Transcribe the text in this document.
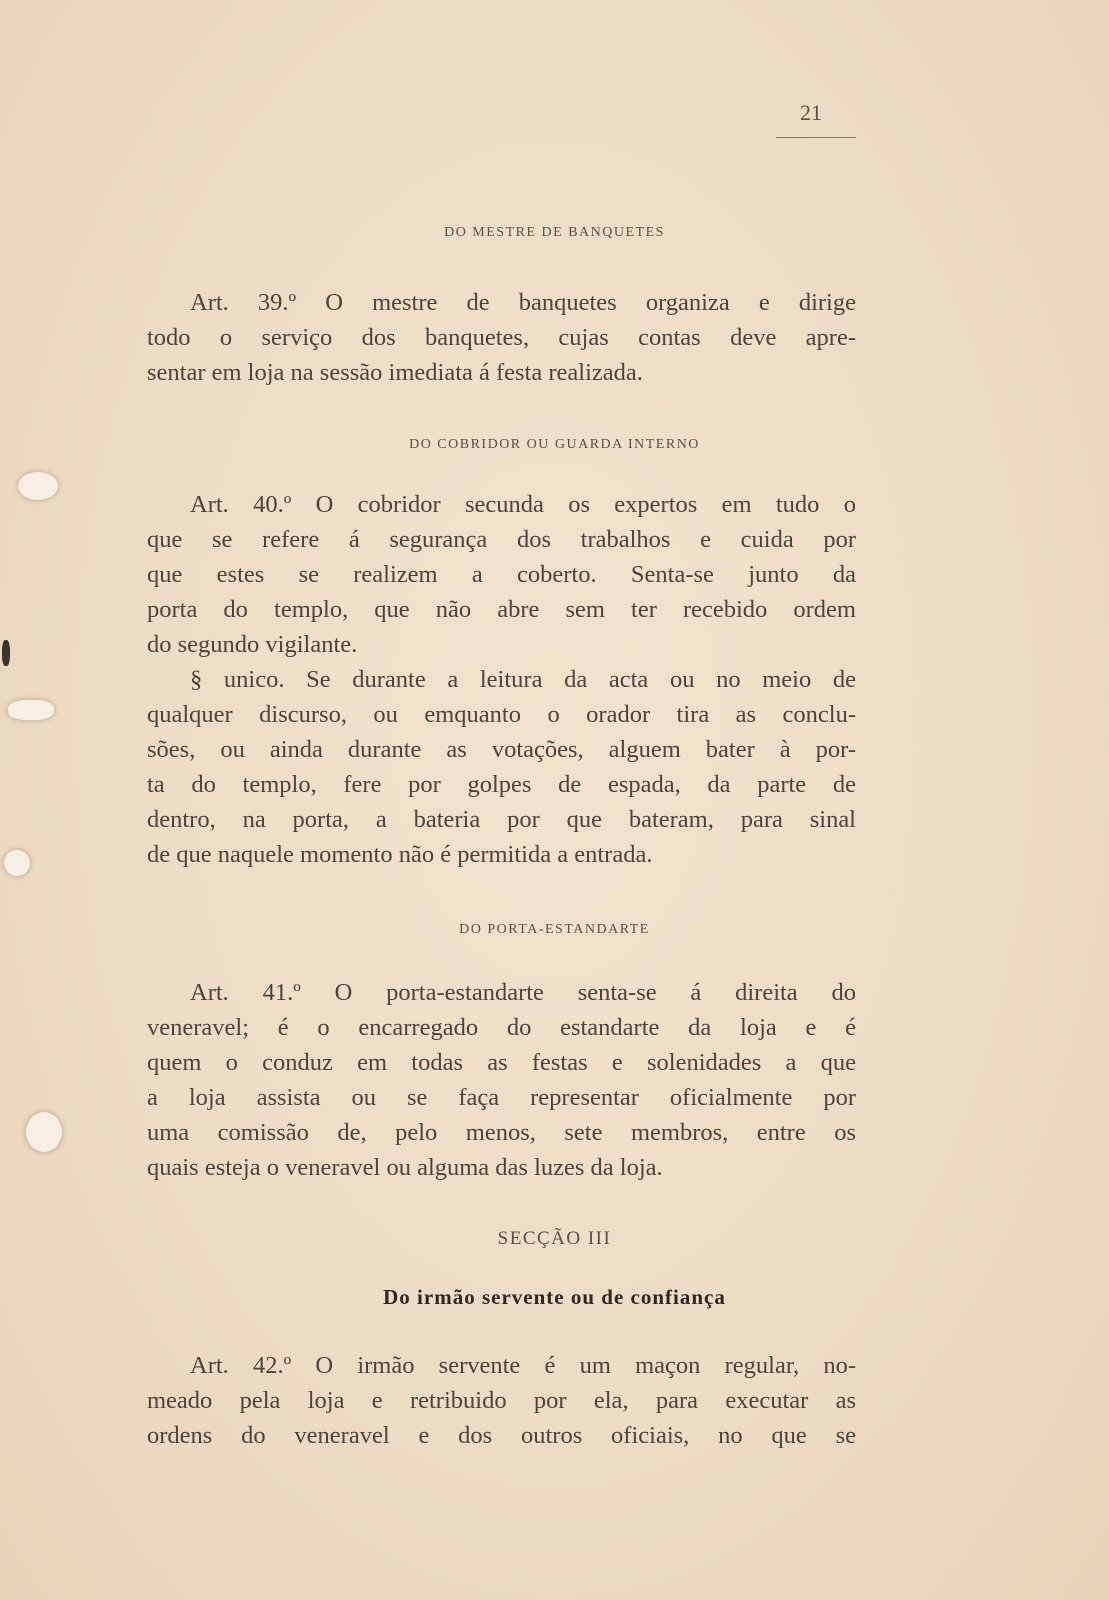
21
DO MESTRE DE BANQUETES
Art. 39.º O mestre de banquetes organiza e dirige
todo o serviço dos banquetes, cujas contas deve apre-
sentar em loja na sessão imediata á festa realizada.
DO COBRIDOR OU GUARDA INTERNO
Art. 40.º O cobridor secunda os expertos em tudo o
que se refere á segurança dos trabalhos e cuida por
que estes se realizem a coberto. Senta-se junto da
porta do templo, que não abre sem ter recebido ordem
do segundo vigilante.
§ unico. Se durante a leitura da acta ou no meio de
qualquer discurso, ou emquanto o orador tira as conclu-
sões, ou ainda durante as votações, alguem bater à por-
ta do templo, fere por golpes de espada, da parte de
dentro, na porta, a bateria por que bateram, para sinal
de que naquele momento não é permitida a entrada.
DO PORTA-ESTANDARTE
Art. 41.º O porta-estandarte senta-se á direita do
veneravel; é o encarregado do estandarte da loja e é
quem o conduz em todas as festas e solenidades a que
a loja assista ou se faça representar oficialmente por
uma comissão de, pelo menos, sete membros, entre os
quais esteja o veneravel ou alguma das luzes da loja.
SECÇÃO III
Do irmão servente ou de confiança
Art. 42.º O irmão servente é um maçon regular, no-
meado pela loja e retribuido por ela, para executar as
ordens do veneravel e dos outros oficiais, no que se
